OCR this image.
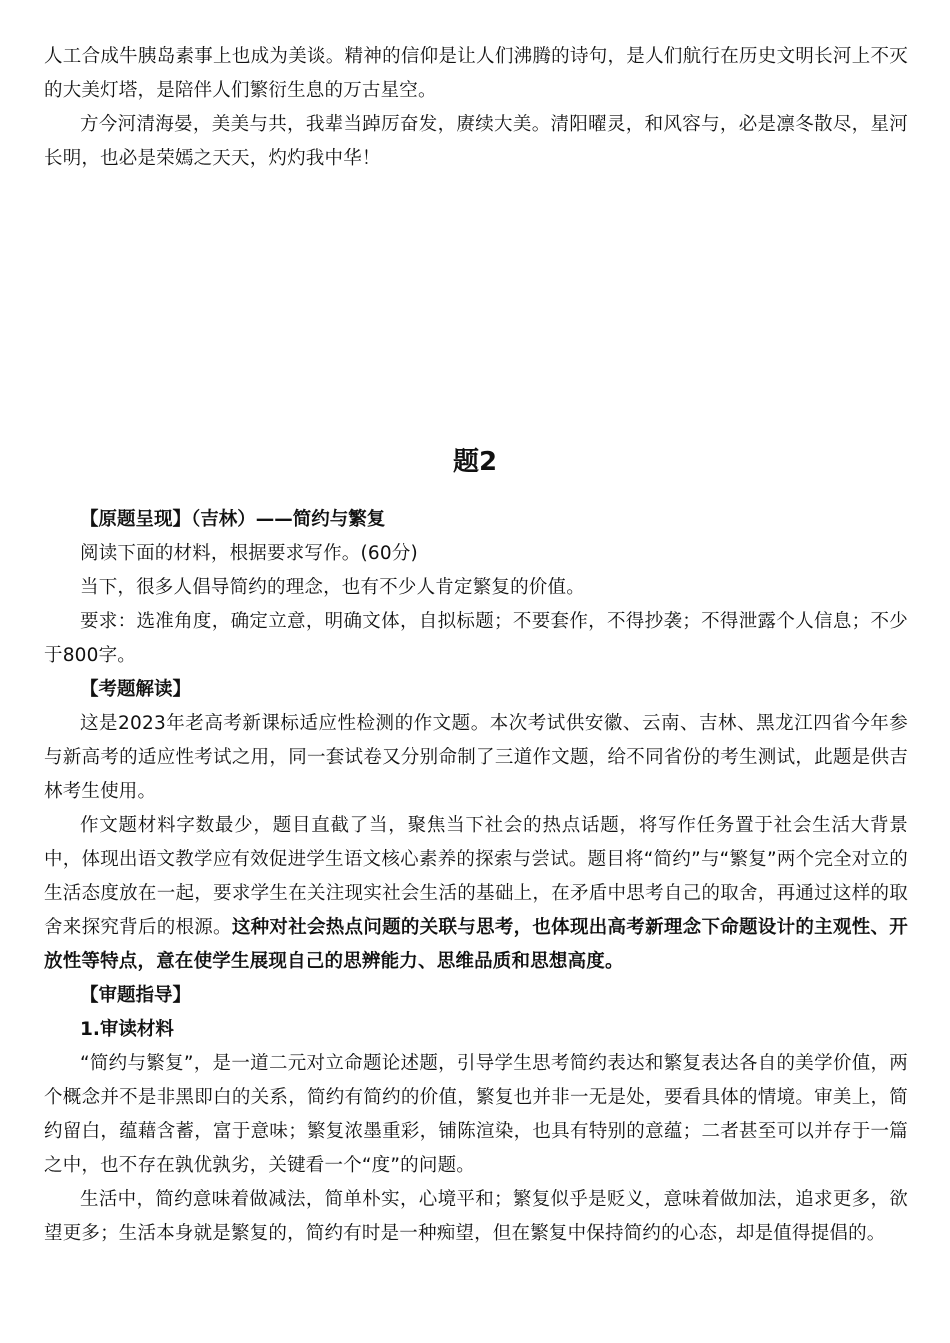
人工合成牛胰岛素事上也成为美谈。精神的信仰是让人们沸腾的诗句，是人们航行在历史文明长河上不灭的大美灯塔，是陪伴人们繁衍生息的万古星空。

方今河清海晏，美美与共，我辈当踔厉奋发，赓续大美。清阳曜灵，和风容与，必是凛冬散尽，星河长明，也必是荣嫣之天天，灼灼我中华！

题2
【原题呈现】（吉林）——简约与繁复

阅读下面的材料，根据要求写作。(60分)

当下，很多人倡导简约的理念，也有不少人肯定繁复的价值。

要求：选准角度，确定立意，明确文体，自拟标题；不要套作，不得抄袭；不得泄露个人信息；不少于800字。

【考题解读】

这是2023年老高考新课标适应性检测的作文题。本次考试供安徽、云南、吉林、黑龙江四省今年参与新高考的适应性考试之用，同一套试卷又分别命制了三道作文题，给不同省份的考生测试，此题是供吉林考生使用。

作文题材料字数最少，题目直截了当，聚焦当下社会的热点话题，将写作任务置于社会生活大背景中，体现出语文教学应有效促进学生语文核心素养的探索与尝试。题目将“简约”与“繁复”两个完全对立的生活态度放在一起，要求学生在关注现实社会生活的基础上，在矛盾中思考自己的取舍，再通过这样的取舍来探究背后的根源。这种对社会热点问题的关联与思考，也体现出高考新理念下命题设计的主观性、开放性等特点，意在使学生展现自己的思辨能力、思维品质和思想高度。

【审题指导】
1.审读材料

“简约与繁复”，是一道二元对立命题论述题，引导学生思考简约表达和繁复表达各自的美学价值，两个概念并不是非黑即白的关系，简约有简约的价值，繁复也并非一无是处，要看具体的情境。审美上，简约留白，蕴藉含蓄，富于意味；繁复浓墨重彩，铺陈渲染，也具有特别的意蕴；二者甚至可以并存于一篇之中，也不存在孰优孰劣，关键看一个“度”的问题。

生活中，简约意味着做减法，简单朴实，心境平和；繁复似乎是贬义，意味着做加法，追求更多，欲望更多；生活本身就是繁复的，简约有时是一种痴望，但在繁复中保持简约的心态，却是值得提倡的。
